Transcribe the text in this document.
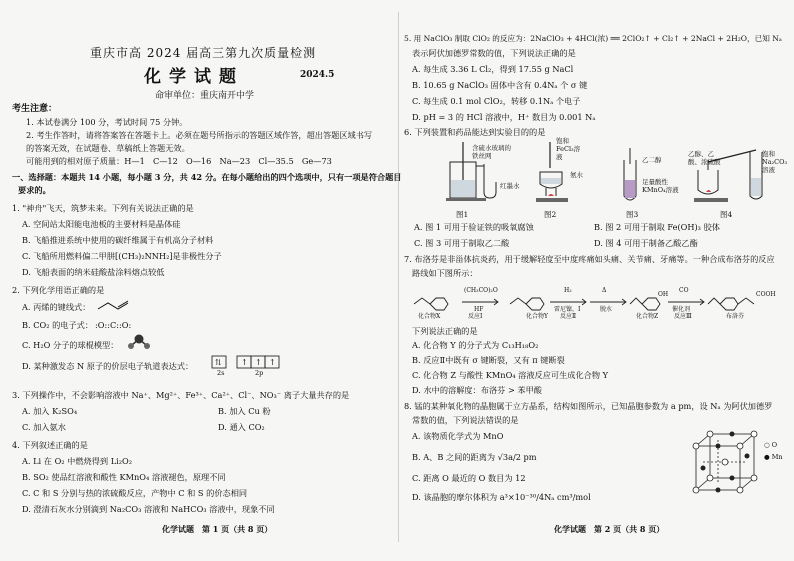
重庆市高 2024 届高三第九次质量检测
化学试题	2024.5
命审单位：重庆南开中学
考生注意：
1. 本试卷满分 100 分，考试时间 75 分钟。
2. 考生作答时，请将答案答在答题卡上。必须在题号所指示的答题区域作答，超出答题区域书写
的答案无效，在试题卷、草稿纸上答题无效。
可能用到的相对原子质量：H—1　C—12　O—16　Na—23　Cl—35.5　Ge—73
一、选择题：本题共 14 小题，每小题 3 分，共 42 分。在每小题给出的四个选项中，只有一项是符合题目
要求的。
1. "神舟"飞天，筑梦未来。下列有关说法正确的是
A. 空间站太阳能电池板的主要材料是晶体硅
B. 飞船推进系统中使用的碳纤维属于有机高分子材料
C. 飞船所用燃料偏二甲肼[(CH₃)₂NNH₂]是非极性分子
D. 飞船表面的纳米硅酸盐涂料熔点较低
2. 下列化学用语正确的是
A. 丙烯的键线式：
B. CO₂ 的电子式： :O::C::O:
C. H₂O 分子的球棍模型：
D. 某种激发态 N 原子的价层电子轨道表达式：	⇅ ↑ ↑ ↑
2s	2p
3. 下列操作中，不会影响溶液中 Na⁺、Mg²⁺、Fe³⁺、Ca²⁺、Cl⁻、NO₃⁻ 离子大量共存的是
A. 加入 K₂SO₄	B. 加入 Cu 粉
C. 加入氨水	D. 通入 CO₂
4. 下列叙述正确的是
A. Li 在 O₂ 中燃烧得到 Li₂O₂
B. SO₂ 使品红溶液和酸性 KMnO₄ 溶液褪色，原理不同
C. C 和 S 分别与热的浓硫酸反应，产物中 C 和 S 的价态相同
D. 澄清石灰水分别滴到 Na₂CO₃ 溶液和 NaHCO₃ 溶液中，现象不同
化学试题　第 1 页（共 8 页）
5. 用 NaClO₃ 制取 ClO₂ 的反应为：2NaClO₃ + 4HCl(浓) ══ 2ClO₂↑ + Cl₂↑ + 2NaCl + 2H₂O，已知 Nₐ
表示阿伏加德罗常数的值，下列说法正确的是
A. 每生成 3.36 L Cl₂，得到 17.55 g NaCl
B. 10.65 g NaClO₃ 固体中含有 0.4Nₐ 个 σ 键
C. 每生成 0.1 mol ClO₂，转移 0.1Nₐ 个电子
D. pH = 3 的 HCl 溶液中，H⁺ 数目为 0.001 Nₐ
6. 下列装置和药品能达到实验目的的是
含硫水玻璃的铁丝网
红墨水
图1
饱和FeCl₃溶液
氨水
图2
乙二醇
足量酸性KMnO₄溶液
图3
乙醇、乙酸、浓硫酸
饱和Na₂CO₃溶液
图4
A. 图 1 可用于验证铁的吸氧腐蚀	B. 图 2 可用于制取 Fe(OH)₃ 胶体
C. 图 3 可用于制取乙二酸	D. 图 4 可用于制备乙酸乙酯
7. 布洛芬是非甾体抗炎药，用于缓解轻度至中度疼痛如头痛、关节痛、牙痛等。一种合成布洛芬的反应
路线如下图所示：
(CH₃CO)₂O
HF
H₂
雷尼镍，I
Δ
脱水
CO
催化剂
COOH
OH
化合物X	反应Ⅰ	反应Ⅱ
化合物Y	化合物Z	反应Ⅲ	布洛芬
下列说法正确的是
A. 化合物 Y 的分子式为 C₁₃H₁₈O₂
B. 反应Ⅱ中既有 σ 键断裂，又有 π 键断裂
C. 化合物 Z 与酸性 KMnO₄ 溶液反应可生成化合物 Y
D. 水中的溶解度：布洛芬 > 苯甲酸
8. 锰的某种氧化物的晶胞属于立方晶系，结构如图所示，已知晶胞参数为 a pm，设 Nₐ 为阿伏加德罗
常数的值，下列说法错误的是
A. 该物质化学式为 MnO
B. A、B 之间的距离为 √3a/2 pm
C. 距离 O 最近的 O 数目为 12
D. 该晶胞的摩尔体积为 a³×10⁻³⁰/4Nₐ cm³/mol
○ O
● Mn
化学试题　第 2 页（共 8 页）
